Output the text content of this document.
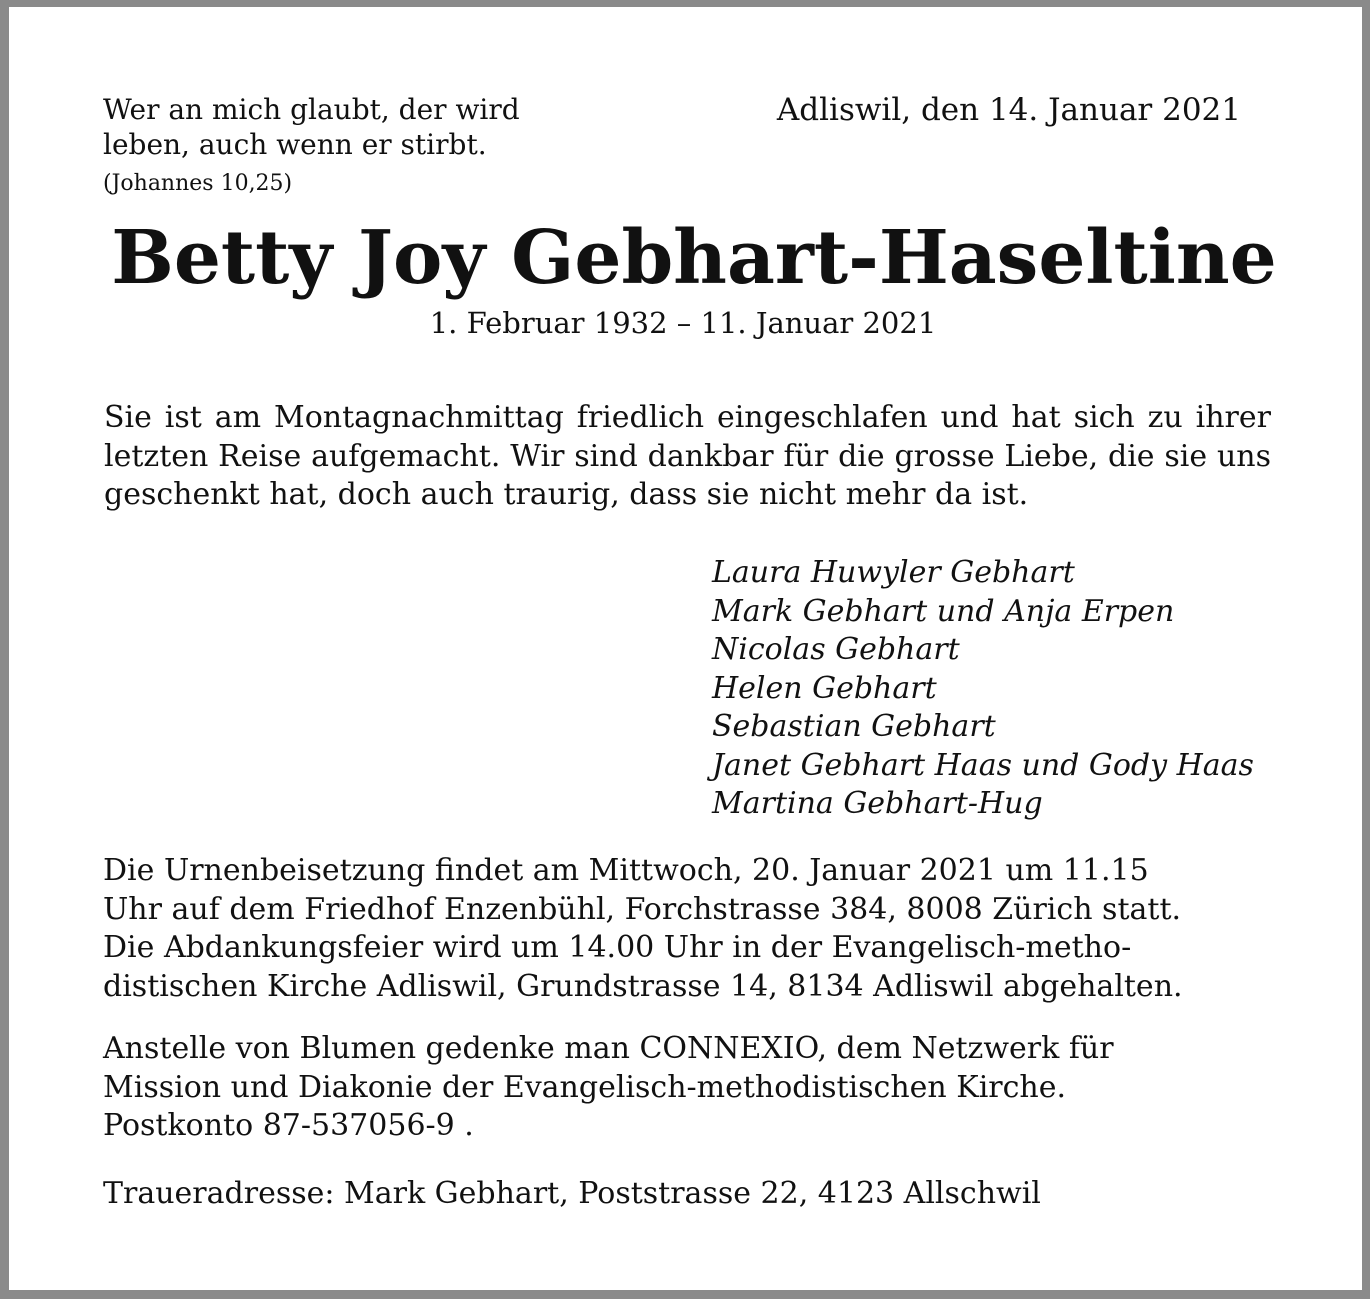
Wer an mich glaubt, der wird
leben, auch wenn er stirbt.

(Johannes 10,25)

Adliswil, den 14. Januar 2021

Betty Joy Gebhart-Haseltine

1. Februar 1932 – 11. Januar 2021

Sie ist am Montagnachmittag friedlich eingeschlafen und hat sich zu ihrer letzten Reise aufgemacht. Wir sind dankbar für die grosse Liebe, die sie uns geschenkt hat, doch auch traurig, dass sie nicht mehr da ist.

Laura Huwyler Gebhart
Mark Gebhart und Anja Erpen
Nicolas Gebhart
Helen Gebhart
Sebastian Gebhart
Janet Gebhart Haas und Gody Haas
Martina Gebhart-Hug

Die Urnenbeisetzung findet am Mittwoch, 20. Januar 2021 um 11.15
Uhr auf dem Friedhof Enzenbühl, Forchstrasse 384, 8008 Zürich statt.
Die Abdankungsfeier wird um 14.00 Uhr in der Evangelisch-metho-
distischen Kirche Adliswil, Grundstrasse 14, 8134 Adliswil abgehalten.

Anstelle von Blumen gedenke man CONNEXIO, dem Netzwerk für
Mission und Diakonie der Evangelisch-methodistischen Kirche.
Postkonto 87-537056-9 .

Traueradresse: Mark Gebhart, Poststrasse 22, 4123 Allschwil
